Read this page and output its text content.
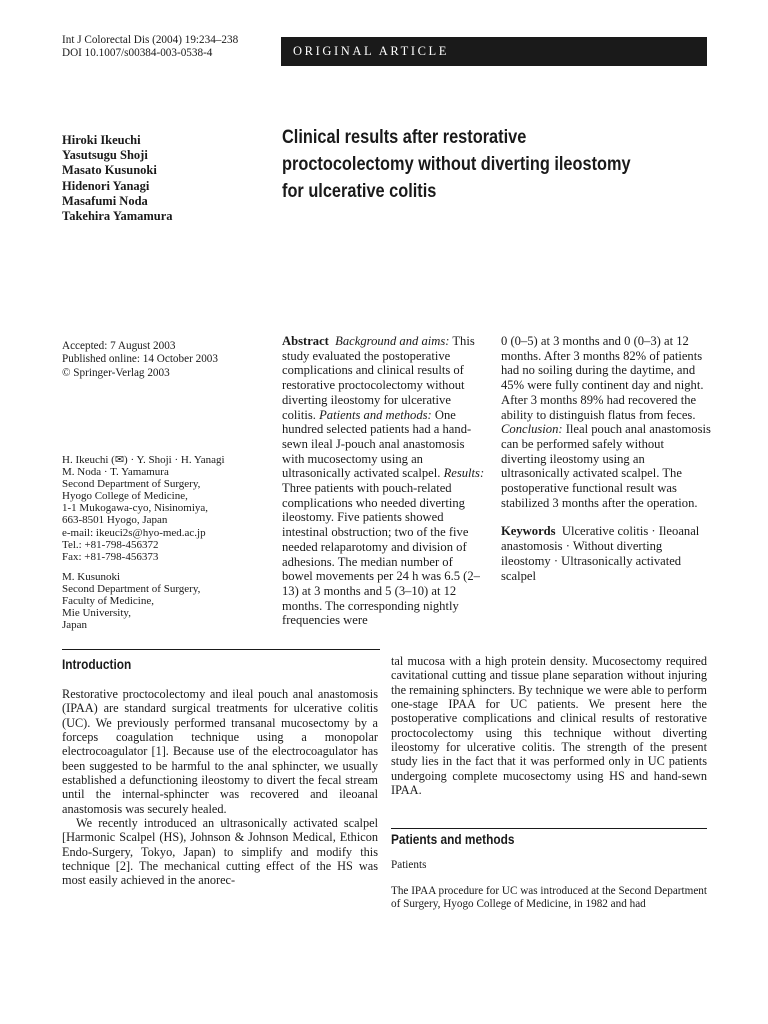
Int J Colorectal Dis (2004) 19:234–238
DOI 10.1007/s00384-003-0538-4	ORIGINAL ARTICLE
Hiroki Ikeuchi
Yasutsugu Shoji
Masato Kusunoki
Hidenori Yanagi
Masafumi Noda
Takehira Yamamura
Clinical results after restorative
proctocolectomy without diverting ileostomy
for ulcerative colitis
Accepted: 7 August 2003
Published online: 14 October 2003
© Springer-Verlag 2003
H. Ikeuchi (✉) · Y. Shoji · H. Yanagi
M. Noda · T. Yamamura
Second Department of Surgery,
Hyogo College of Medicine,
1-1 Mukogawa-cyo, Nisinomiya,
663-8501 Hyogo, Japan
e-mail: ikeuci2s@hyo-med.ac.jp
Tel.: +81-798-456372
Fax: +81-798-456373
M. Kusunoki
Second Department of Surgery,
Faculty of Medicine,
Mie University,
Japan
Abstract Background and aims: This study evaluated the postoperative complications and clinical results of restorative proctocolectomy without diverting ileostomy for ulcerative colitis. Patients and methods: One hundred selected patients had a hand-sewn ileal J-pouch anal anastomosis with mucosectomy using an ultrasonically activated scalpel. Results: Three patients with pouch-related complications who needed diverting ileostomy. Five patients showed intestinal obstruction; two of the five needed relaparotomy and division of adhesions. The median number of bowel movements per 24 h was 6.5 (2–13) at 3 months and 5 (3–10) at 12 months. The corresponding nightly frequencies were
0 (0–5) at 3 months and 0 (0–3) at 12 months. After 3 months 82% of patients had no soiling during the daytime, and 45% were fully continent day and night. After 3 months 89% had recovered the ability to distinguish flatus from feces. Conclusion: Ileal pouch anal anastomosis can be performed safely without diverting ileostomy using an ultrasonically activated scalpel. The postoperative functional result was stabilized 3 months after the operation.
Keywords Ulcerative colitis · Ileoanal anastomosis · Without diverting ileostomy · Ultrasonically activated scalpel
Introduction

Restorative proctocolectomy and ileal pouch anal anastomosis (IPAA) are standard surgical treatments for ulcerative colitis (UC). We previously performed transanal mucosectomy by a forceps coagulation technique using a monopolar electrocoagulator [1]. Because use of the electrocoagulator has been suggested to be harmful to the anal sphincter, we usually established a defunctioning ileostomy to divert the fecal stream until the internal-sphincter was recovered and ileoanal anastomosis was securely healed.

We recently introduced an ultrasonically activated scalpel [Harmonic Scalpel (HS), Johnson & Johnson Medical, Ethicon Endo-Surgery, Tokyo, Japan) to simplify and modify this technique [2]. The mechanical cutting effect of the HS was most easily achieved in the anorec-

tal mucosa with a high protein density. Mucosectomy required cavitational cutting and tissue plane separation without injuring the remaining sphincters. By technique we were able to perform one-stage IPAA for UC patients. We present here the postoperative complications and clinical results of restorative proctocolectomy using this technique without diverting ileostomy for ulcerative colitis. The strength of the present study lies in the fact that it was performed only in UC patients undergoing complete mucosectomy using HS and hand-sewn IPAA.
Patients and methods
Patients
The IPAA procedure for UC was introduced at the Second Department of Surgery, Hyogo College of Medicine, in 1982 and had
